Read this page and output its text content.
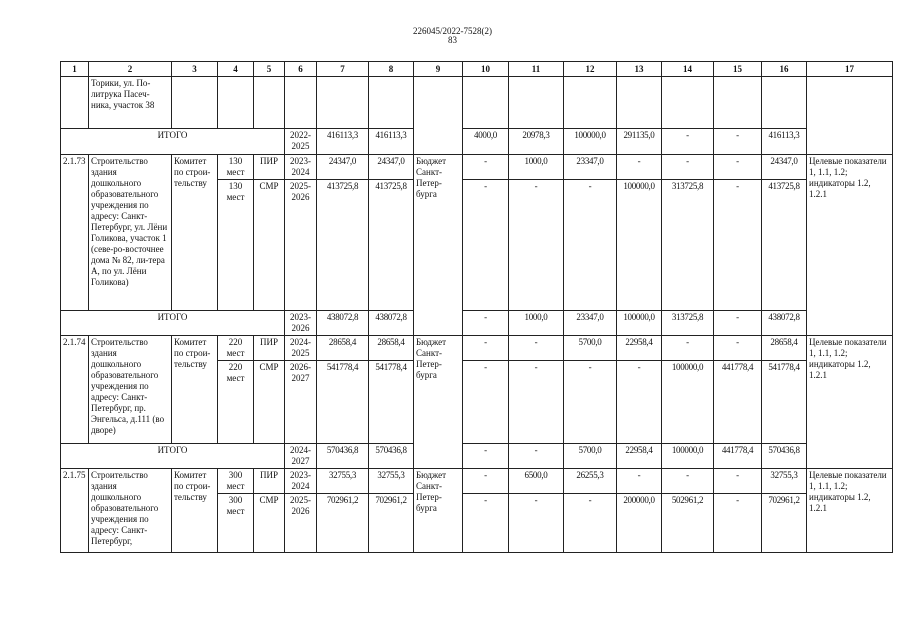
226045/2022-7528(2)
83
1	2	3	4	5	6	7	8	9	10	11	12	13	14	15	16	17
	Торики, ул. По-литрука Пасеч-ника, участок 38															
ИТОГО					2022-2025	416113,3	416113,3		4000,0	20978,3	100000,0	291135,0	-	-	416113,3	
2.1.73	Строительство здания дошкольного образовательного учреждения по адресу: Санкт-Петербург, ул. Лёни Голикова, участок 1 (севе-ро-восточнее дома № 82, ли-тера А, по ул. Лёни Голикова)	Комитет по строи-тельству	130 мест	ПИР	2023-2024	24347,0	24347,0	Бюджет Санкт-Петер-бурга	-	1000,0	23347,0	-	-	-	24347,0	Целевые показатели 1, 1.1, 1.2; индикаторы 1.2, 1.2.1
			130 мест	СМР	2025-2026	413725,8	413725,8		-	-	-	100000,0	313725,8	-	413725,8	
ИТОГО					2023-2026	438072,8	438072,8		-	1000,0	23347,0	100000,0	313725,8	-	438072,8	
2.1.74	Строительство здания дошкольного образовательного учреждения по адресу: Санкт-Петербург, пр. Энгельса, д.111 (во дворе)	Комитет по строи-тельству	220 мест	ПИР	2024-2025	28658,4	28658,4	Бюджет Санкт-Петер-бурга	-	-	5700,0	22958,4	-	-	28658,4	Целевые показатели 1, 1.1, 1.2; индикаторы 1.2, 1.2.1
			220 мест	СМР	2026-2027	541778,4	541778,4		-	-	-	-	100000,0	441778,4	541778,4	
ИТОГО					2024-2027	570436,8	570436,8		-	-	5700,0	22958,4	100000,0	441778,4	570436,8	
2.1.75	Строительство здания дошкольного образовательного учреждения по адресу: Санкт-Петербург,	Комитет по строи-тельству	300 мест	ПИР	2023-2024	32755,3	32755,3	Бюджет Санкт-Петер-бурга	-	6500,0	26255,3	-	-	-	32755,3	Целевые показатели 1, 1.1, 1.2; индикаторы 1.2, 1.2.1
			300 мест	СМР	2025-2026	702961,2	702961,2		-	-	-	200000,0	502961,2	-	702961,2	
